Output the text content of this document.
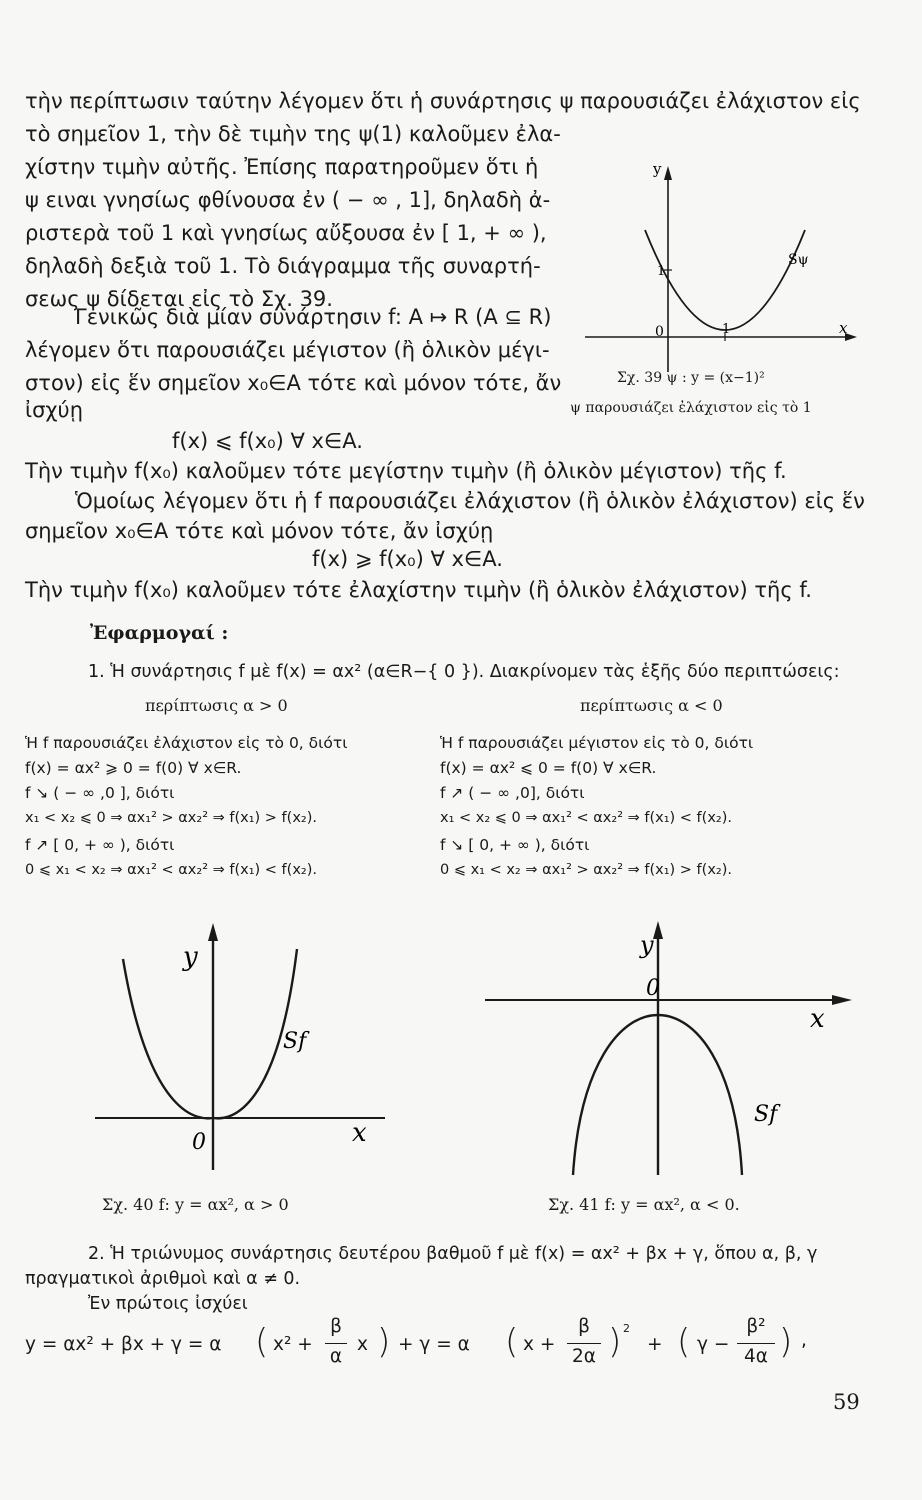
τὴν περίπτωσιν ταύτην λέγομεν ὅτι ἡ συνάρτησις ψ παρουσιάζει ἐλάχιστον εἰς
τὸ σημεῖον 1, τὴν δὲ τιμὴν της ψ(1) καλοῦμεν ἐλα-
χίστην τιμὴν αὐτῆς. Ἐπίσης παρατηροῦμεν ὅτι ἡ
ψ ειναι γνησίως φθίνουσα ἐν ( − ∞ , 1], δηλαδὴ ἀ-
ριστερὰ τοῦ 1 καὶ γνησίως αὔξουσα ἐν [ 1, + ∞ ),
δηλαδὴ δεξιὰ τοῦ 1. Τὸ διάγραμμα τῆς συναρτή-
σεως ψ δίδεται εἰς τὸ Σχ. 39.
Γενικῶς διὰ μίαν συνάρτησιν f: A ↦ R (A ⊆ R)
λέγομεν ὅτι παρουσιάζει μέγιστον (ἢ ὁλικὸν μέγι-
στον) εἰς ἕν σημεῖον x₀∈A τότε καὶ μόνον τότε, ἄν
ἰσχύῃ
f(x) ⩽ f(x₀) ∀ x∈A.
Τὴν τιμὴν f(x₀) καλοῦμεν τότε μεγίστην τιμὴν (ἢ ὁλικὸν μέγιστον) τῆς f.
Ὁμοίως λέγομεν ὅτι ἡ f παρουσιάζει ἐλάχιστον (ἢ ὁλικὸν ἐλάχιστον) εἰς ἕν
σημεῖον x₀∈A τότε καὶ μόνον τότε, ἄν ἰσχύῃ
f(x) ⩾ f(x₀) ∀ x∈A.
Τὴν τιμὴν f(x₀) καλοῦμεν τότε ἐλαχίστην τιμὴν (ἢ ὁλικὸν ἐλάχιστον) τῆς f.
y
x
0	1
1
Sψ
Σχ. 39 ψ : y = (x−1)²
ψ παρουσιάζει ἐλάχιστον εἰς τὸ 1
Ἐφαρμογαί :
1. Ἡ συνάρτησις f μὲ f(x) = αx² (α∈R−{ 0 }). Διακρίνομεν τὰς ἑξῆς δύο περιπτώσεις:
περίπτωσις α > 0	περίπτωσις α < 0
Ἡ f παρουσιάζει ἐλάχιστον εἰς τὸ 0, διότι
f(x) = αx² ⩾ 0 = f(0) ∀ x∈R.
f ↘ ( − ∞ ,0 ], διότι
x₁ < x₂ ⩽ 0 ⇒ αx₁² > αx₂² ⇒ f(x₁) > f(x₂).
f ↗ [ 0, + ∞ ), διότι
0 ⩽ x₁ < x₂ ⇒ αx₁² < αx₂² ⇒ f(x₁) < f(x₂).
Ἡ f παρουσιάζει μέγιστον εἰς τὸ 0, διότι
f(x) = αx² ⩽ 0 = f(0) ∀ x∈R.
f ↗ ( − ∞ ,0], διότι
x₁ < x₂ ⩽ 0 ⇒ αx₁² < αx₂² ⇒ f(x₁) < f(x₂).
f ↘ [ 0, + ∞ ), διότι
0 ⩽ x₁ < x₂ ⇒ αx₁² > αx₂² ⇒ f(x₁) > f(x₂).
y
x
0
Sf
Σχ. 40 f: y = αx², α > 0
y
x
0
Sf
Σχ. 41 f: y = αx², α < 0.
2. Ἡ τριώνυμος συνάρτησις δευτέρου βαθμοῦ f μὲ f(x) = αx² + βx + γ, ὅπου α, β, γ
πραγματικοὶ ἀριθμοὶ καὶ α ≠ 0.
Ἐν πρώτοις ἰσχύει
y = αx² + βx + γ = α ( x² +
β
α
x ) + γ = α ( x +
β
2α ) 2
+ ( γ −
β²
4α ) ,
59
